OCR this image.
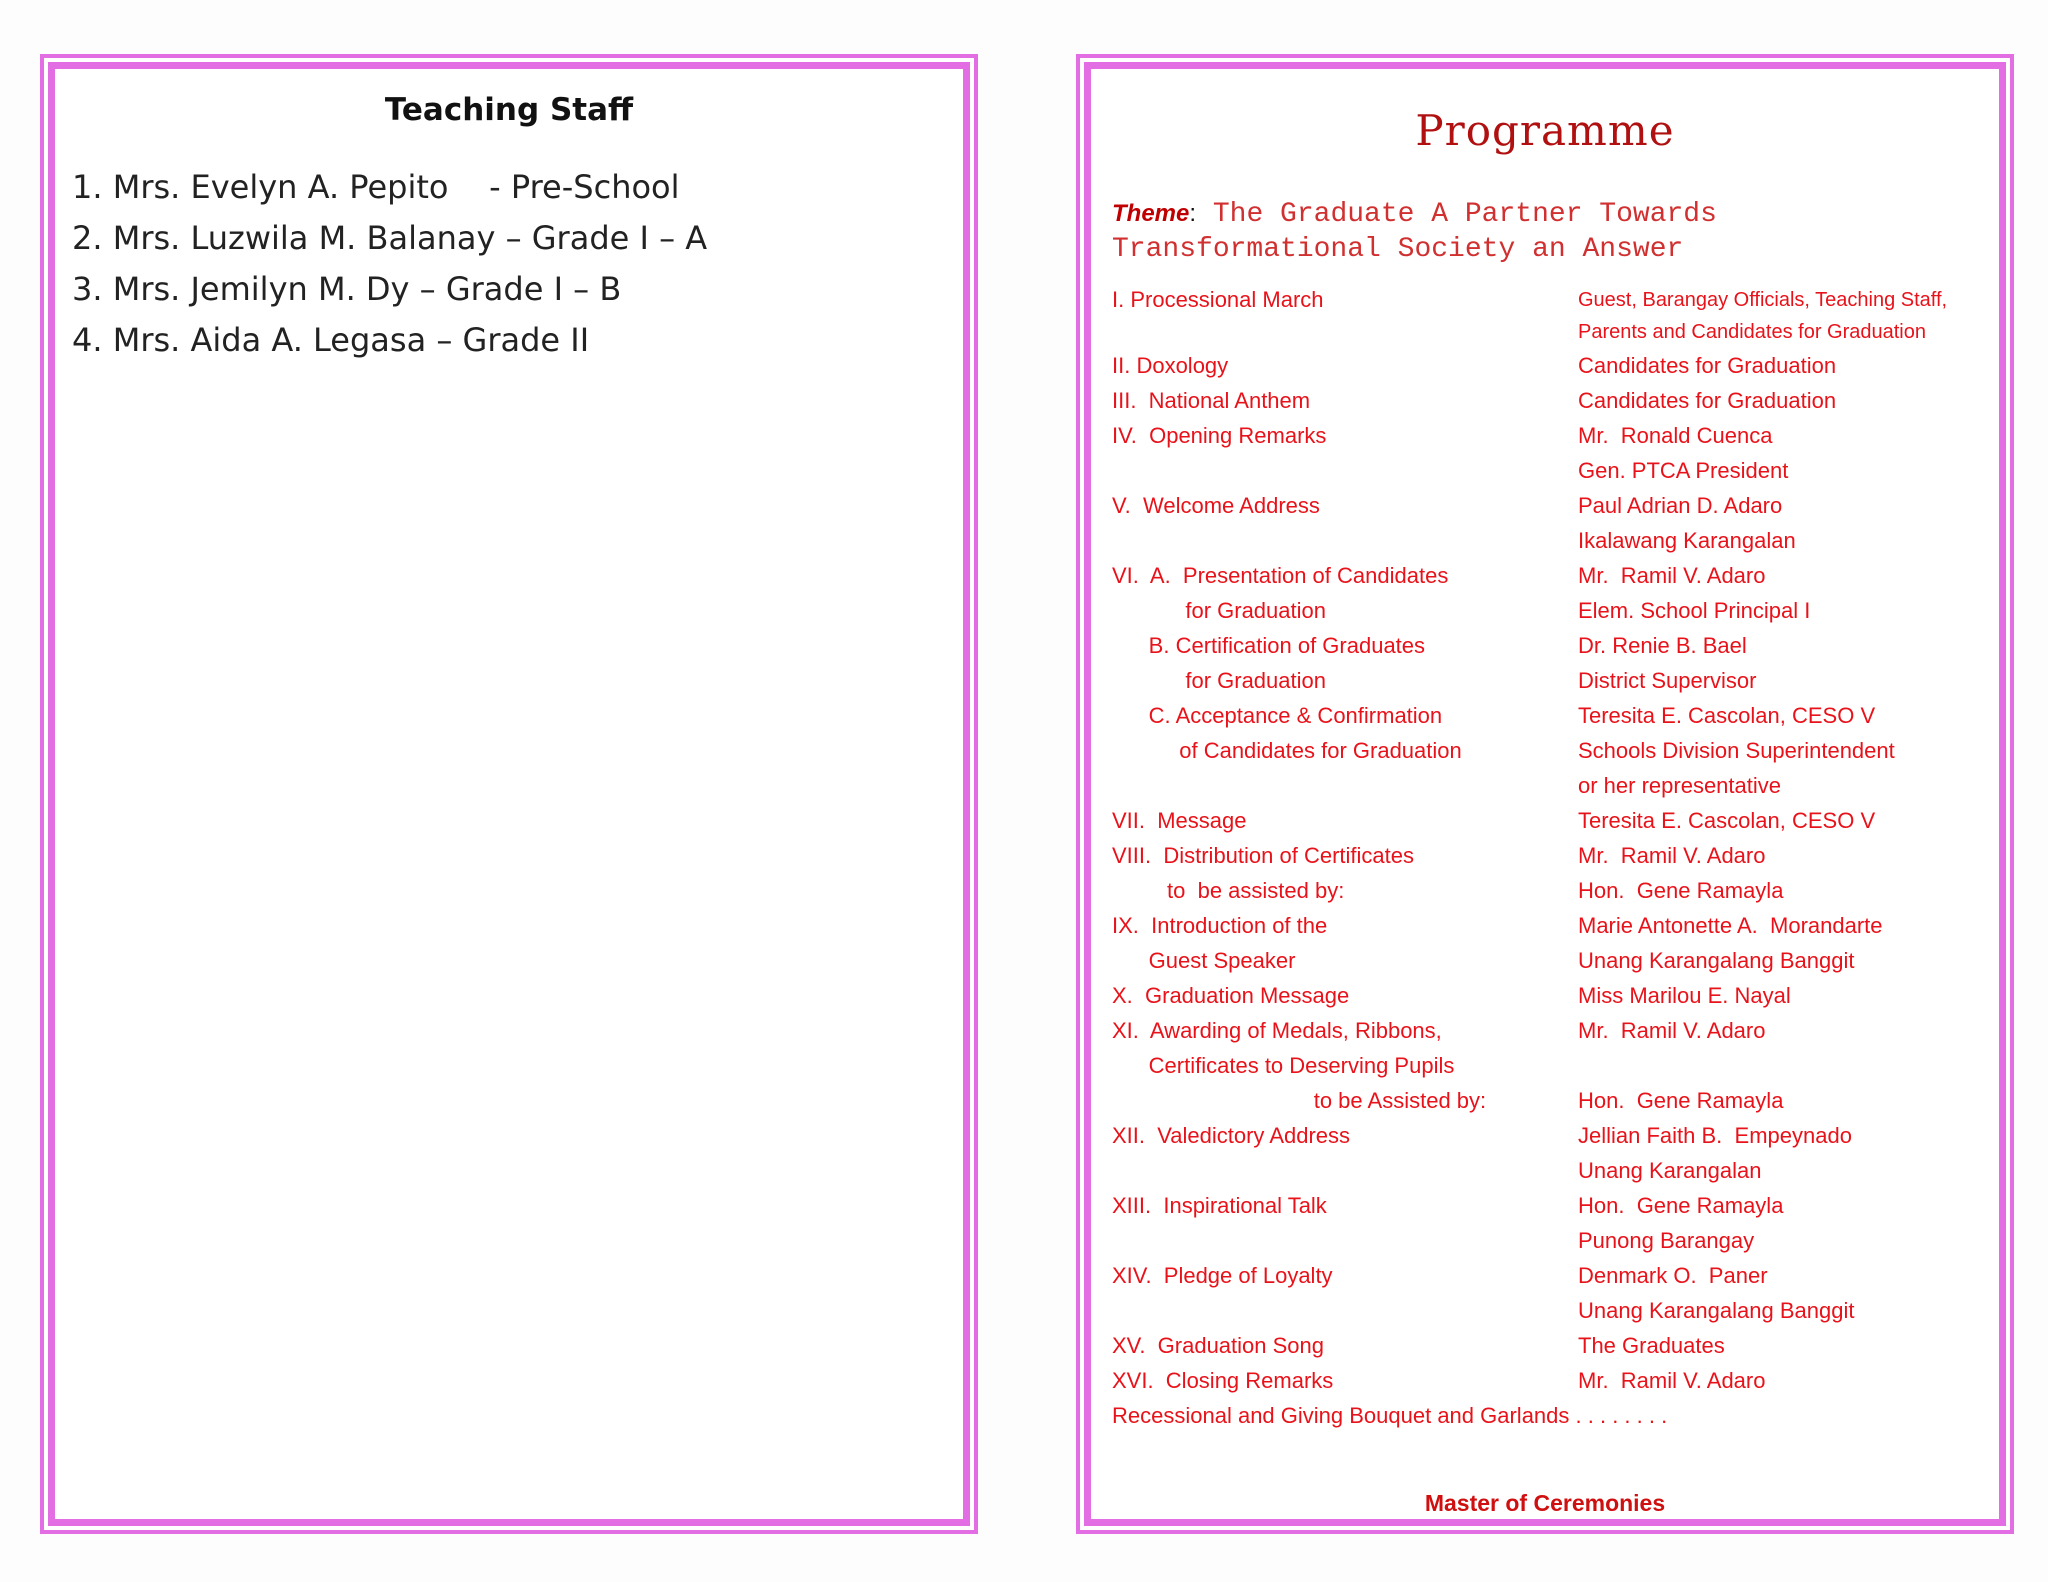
Teaching Staff
1. Mrs. Evelyn A. Pepito    - Pre-School
2. Mrs. Luzwila M. Balanay – Grade I – A
3. Mrs. Jemilyn M. Dy – Grade I – B
4. Mrs. Aida A. Legasa – Grade II
Programme
Theme: The Graduate A Partner Towards
Transformational Society an Answer
I. Processional March	Guest, Barangay Officials, Teaching Staff,
Parents and Candidates for Graduation
II. Doxology	Candidates for Graduation
III.  National Anthem	Candidates for Graduation
IV.  Opening Remarks	Mr.  Ronald Cuenca
Gen. PTCA President
V.  Welcome Address	Paul Adrian D. Adaro
Ikalawang Karangalan
VI.  A.  Presentation of Candidates	Mr.  Ramil V. Adaro
for Graduation	Elem. School Principal I
B. Certification of Graduates	Dr. Renie B. Bael
for Graduation	District Supervisor
C. Acceptance & Confirmation	Teresita E. Cascolan, CESO V
of Candidates for Graduation	Schools Division Superintendent
or her representative
VII.  Message	Teresita E. Cascolan, CESO V
VIII.  Distribution of Certificates	Mr.  Ramil V. Adaro
to  be assisted by:	Hon.  Gene Ramayla
IX.  Introduction of the	Marie Antonette A.  Morandarte
Guest Speaker	Unang Karangalang Banggit
X.  Graduation Message	Miss Marilou E. Nayal
XI.  Awarding of Medals, Ribbons,	Mr.  Ramil V. Adaro
Certificates to Deserving Pupils
to be Assisted by:	Hon.  Gene Ramayla
XII.  Valedictory Address	Jellian Faith B.  Empeynado
Unang Karangalan
XIII.  Inspirational Talk	Hon.  Gene Ramayla
Punong Barangay
XIV.  Pledge of Loyalty	Denmark O.  Paner
Unang Karangalang Banggit
XV.  Graduation Song	The Graduates
XVI.  Closing Remarks	Mr.  Ramil V. Adaro
Recessional and Giving Bouquet and Garlands . . . . . . . .
Master of Ceremonies
